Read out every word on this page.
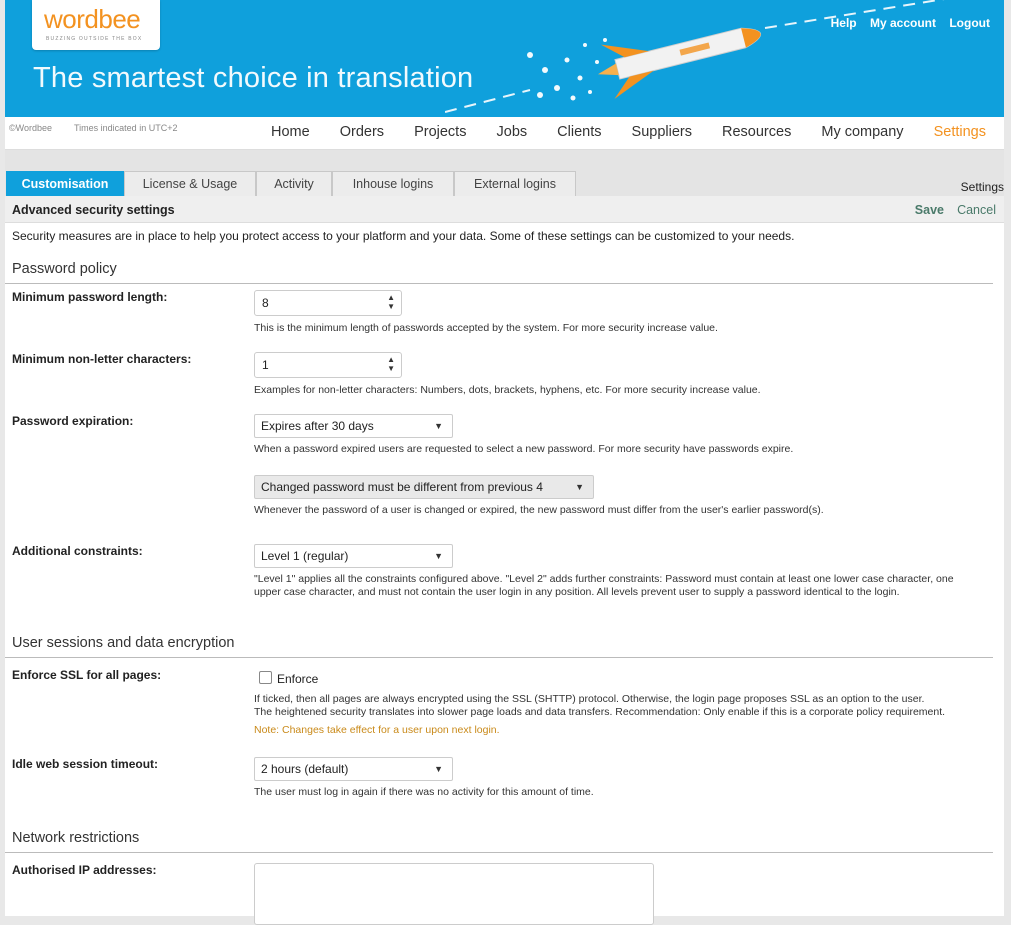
wordbee
BUZZING OUTSIDE THE BOX
The smartest choice in translation
Help My account Logout
©Wordbee Times indicated in UTC+2	Home Orders Projects Jobs Clients Suppliers Resources My company Settings
Customisation	License & Usage	Activity	Inhouse logins	External logins	Settings
Advanced security settings	Save Cancel
Security measures are in place to help you protect access to your platform and your data. Some of these settings can be customized to your needs.
Password policy
Minimum password length:	8	▲
▼
This is the minimum length of passwords accepted by the system. For more security increase value.
Minimum non-letter characters:	1	▲
▼
Examples for non-letter characters: Numbers, dots, brackets, hyphens, etc. For more security increase value.
Password expiration:	Expires after 30 days	▼
When a password expired users are requested to select a new password. For more security have passwords expire.
Changed password must be different from previous 4	▼
Whenever the password of a user is changed or expired, the new password must differ from the user's earlier password(s).
Additional constraints:	Level 1 (regular)	▼
"Level 1" applies all the constraints configured above. "Level 2" adds further constraints: Password must contain at least one lower case character, one
upper case character, and must not contain the user login in any position. All levels prevent user to supply a password identical to the login.
User sessions and data encryption
Enforce SSL for all pages:	Enforce
If ticked, then all pages are always encrypted using the SSL (SHTTP) protocol. Otherwise, the login page proposes SSL as an option to the user.
The heightened security translates into slower page loads and data transfers. Recommendation: Only enable if this is a corporate policy requirement.
Note: Changes take effect for a user upon next login.
Idle web session timeout:	2 hours (default)	▼
The user must log in again if there was no activity for this amount of time.
Network restrictions
Authorised IP addresses:
